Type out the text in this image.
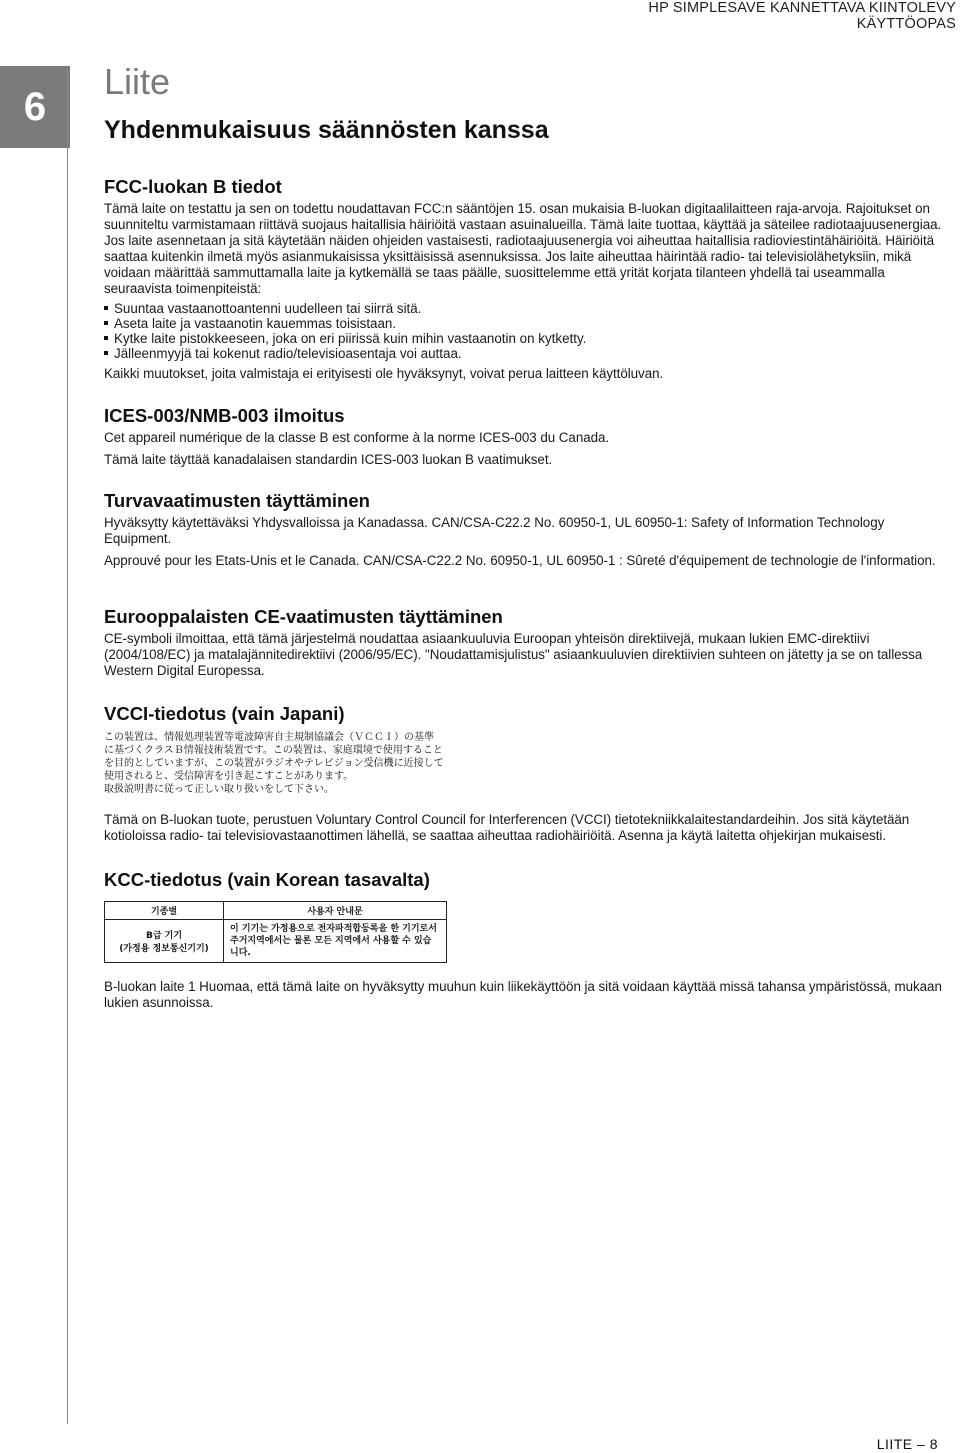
HP SIMPLESAVE KANNETTAVA KIINTOLEVY
KÄYTTÖOPAS
6
Liite
Yhdenmukaisuus säännösten kanssa
FCC-luokan B tiedot

Tämä laite on testattu ja sen on todettu noudattavan FCC:n sääntöjen 15. osan mukaisia B-luokan digitaalilaitteen raja-arvoja. Rajoitukset on suunniteltu varmistamaan riittävä suojaus haitallisia häiriöitä vastaan asuinalueilla. Tämä laite tuottaa, käyttää ja säteilee radiotaajuusenergiaa. Jos laite asennetaan ja sitä käytetään näiden ohjeiden vastaisesti, radiotaajuusenergia voi aiheuttaa haitallisia radioviestintähäiriöitä. Häiriöitä saattaa kuitenkin ilmetä myös asianmukaisissa yksittäisissä asennuksissa. Jos laite aiheuttaa häirintää radio- tai televisiolähetyksiin, mikä voidaan määrittää sammuttamalla laite ja kytkemällä se taas päälle, suosittelemme että yrität korjata tilanteen yhdellä tai useammalla seuraavista toimenpiteistä:

Suuntaa vastaanottoantenni uudelleen tai siirrä sitä.
Aseta laite ja vastaanotin kauemmas toisistaan.
Kytke laite pistokkeeseen, joka on eri piirissä kuin mihin vastaanotin on kytketty.
Jälleenmyyjä tai kokenut radio/televisioasentaja voi auttaa.

Kaikki muutokset, joita valmistaja ei erityisesti ole hyväksynyt, voivat perua laitteen käyttöluvan.

ICES-003/NMB-003 ilmoitus

Cet appareil numérique de la classe B est conforme à la norme ICES-003 du Canada.

Tämä laite täyttää kanadalaisen standardin ICES-003 luokan B vaatimukset.

Turvavaatimusten täyttäminen

Hyväksytty käytettäväksi Yhdysvalloissa ja Kanadassa. CAN/CSA-C22.2 No. 60950-1, UL 60950-1: Safety of Information Technology Equipment.

Approuvé pour les Etats-Unis et le Canada. CAN/CSA-C22.2 No. 60950-1, UL 60950-1 : Sûreté d'équipement de technologie de l'information.

Eurooppalaisten CE-vaatimusten täyttäminen

CE-symboli ilmoittaa, että tämä järjestelmä noudattaa asiaankuuluvia Euroopan yhteisön direktiivejä, mukaan lukien EMC-direktiivi (2004/108/EC) ja matalajännitedirektiivi (2006/95/EC). "Noudattamisjulistus" asiaankuuluvien direktiivien suhteen on jätetty ja se on tallessa Western Digital Europessa.

VCCI-tiedotus (vain Japani)
この装置は、情報処理装置等電波障害自主規制協議会（ＶＣＣＩ）の基準
に基づくクラスＢ情報技術装置です。この装置は、家庭環境で使用すること
を目的としていますが、この装置がラジオやテレビジョン受信機に近接して
使用されると、受信障害を引き起こすことがあります。
取扱説明書に従って正しい取り扱いをして下さい。

Tämä on B-luokan tuote, perustuen Voluntary Control Council for Interferencen (VCCI) tietotekniikkalaitestandardeihin. Jos sitä käytetään kotioloissa radio- tai televisiovastaanottimen lähellä, se saattaa aiheuttaa radiohäiriöitä. Asenna ja käytä laitetta ohjekirjan mukaisesti.

KCC-tiedotus (vain Korean tasavalta)
기종별	사용자 안내문

B급 기기
(가정용 정보통신기기)	이 기기는 가정용으로 전자파적합등록을 한 기기로서 주거지역에서는 물론 모든 지역에서 사용할 수 있습니다.

B-luokan laite 1 Huomaa, että tämä laite on hyväksytty muuhun kuin liikekäyttöön ja sitä voidaan käyttää missä tahansa ympäristössä, mukaan lukien asunnoissa.

LIITE – 8
